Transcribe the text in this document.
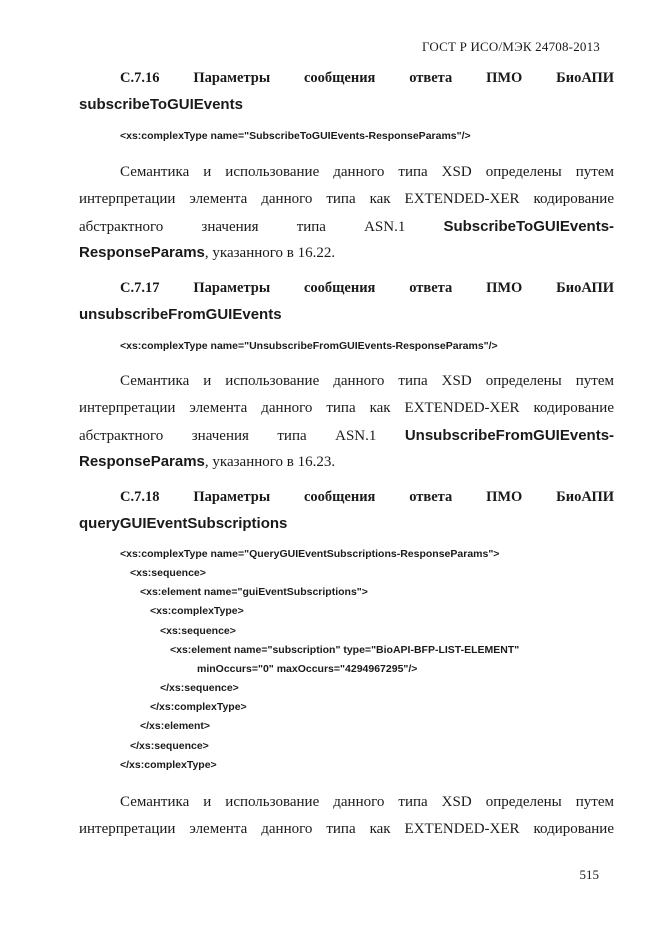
ГОСТ Р ИСО/МЭК 24708-2013
C.7.16 Параметры сообщения ответа ПМО БиоАПИ
subscribeToGUIEvents
<xs:complexType name="SubscribeToGUIEvents-ResponseParams"/>
Семантика и использование данного типа XSD определены путем
интерпретации элемента данного типа как EXTENDED-XER кодирование
абстрактного	значения	типа	ASN.1	SubscribeToGUIEvents-
ResponseParams, указанного в 16.22.
C.7.17 Параметры сообщения ответа ПМО БиоАПИ
unsubscribeFromGUIEvents
<xs:complexType name="UnsubscribeFromGUIEvents-ResponseParams"/>
Семантика и использование данного типа XSD определены путем
интерпретации элемента данного типа как EXTENDED-XER кодирование
абстрактного значения типа ASN.1 UnsubscribeFromGUIEvents-
ResponseParams, указанного в 16.23.
C.7.18 Параметры сообщения ответа ПМО БиоАПИ
queryGUIEventSubscriptions
<xs:complexType name="QueryGUIEventSubscriptions-ResponseParams">
<xs:sequence>
<xs:element name="guiEventSubscriptions">
<xs:complexType>
<xs:sequence>
<xs:element name="subscription" type="BioAPI-BFP-LIST-ELEMENT"
minOccurs="0" maxOccurs="4294967295"/>
</xs:sequence>
</xs:complexType>
</xs:element>
</xs:sequence>
</xs:complexType>
Семантика и использование данного типа XSD определены путем
интерпретации элемента данного типа как EXTENDED-XER кодирование
515
